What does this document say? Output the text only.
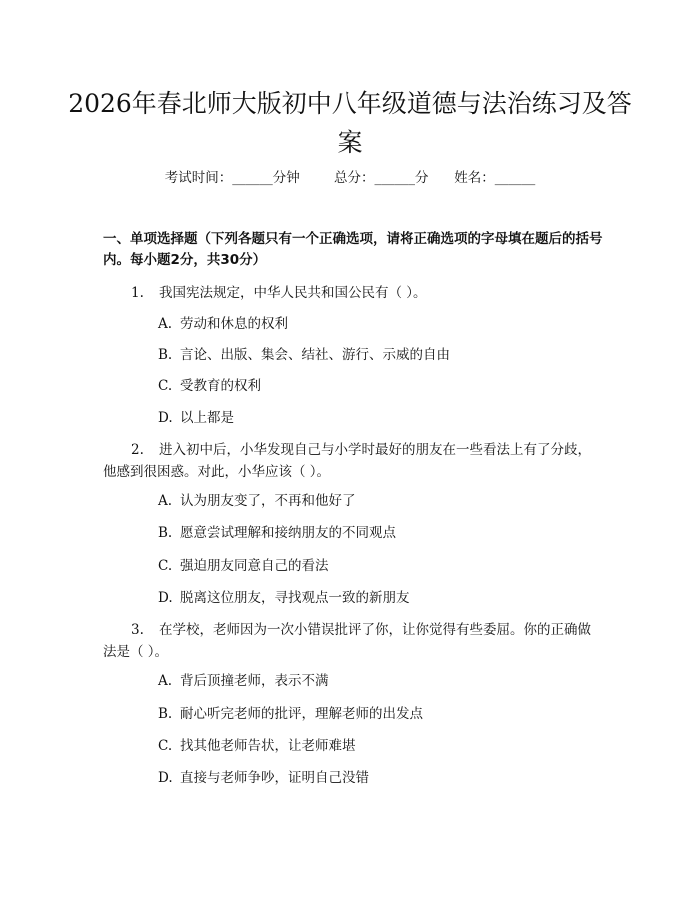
2026年春北师大版初中八年级道德与法治练习及答案
考试时间：______分钟	总分：______分 姓名：______

一、单项选择题（下列各题只有一个正确选项，请将正确选项的字母填在题后的括号内。每小题2分，共30分）

1. 我国宪法规定，中华人民共和国公民有（ ）。

A. 劳动和休息的权利

B. 言论、出版、集会、结社、游行、示威的自由

C. 受教育的权利

D. 以上都是

2. 进入初中后，小华发现自己与小学时最好的朋友在一些看法上有了分歧，他感到很困惑。对此，小华应该（ ）。

A. 认为朋友变了，不再和他好了

B. 愿意尝试理解和接纳朋友的不同观点

C. 强迫朋友同意自己的看法

D. 脱离这位朋友，寻找观点一致的新朋友

3. 在学校，老师因为一次小错误批评了你，让你觉得有些委屈。你的正确做法是（ ）。

A. 背后顶撞老师，表示不满

B. 耐心听完老师的批评，理解老师的出发点

C. 找其他老师告状，让老师难堪

D. 直接与老师争吵，证明自己没错
